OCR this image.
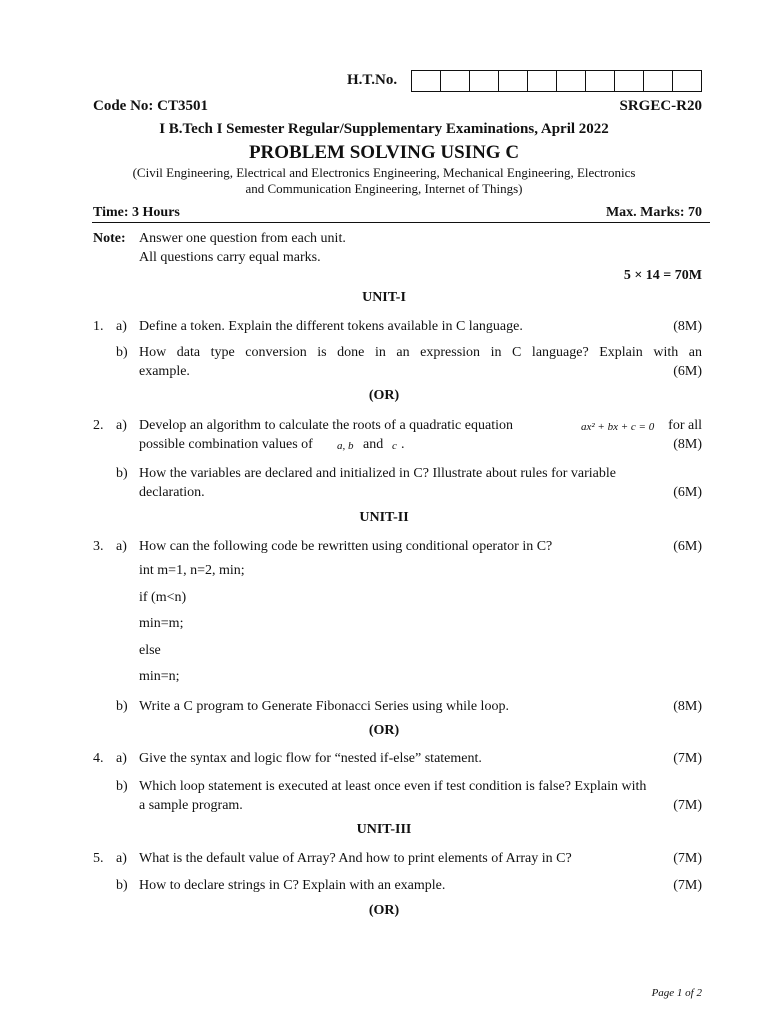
H.T.No.
Code No: CT3501	SRGEC-R20
I B.Tech I Semester Regular/Supplementary Examinations, April 2022
PROBLEM SOLVING USING C
(Civil Engineering, Electrical and Electronics Engineering, Mechanical Engineering, Electronics
and Communication Engineering, Internet of Things)
Time: 3 Hours	Max. Marks: 70
Note: Answer one question from each unit.
All questions carry equal marks.
5 × 14 = 70M
UNIT-I
1. a) Define a token. Explain the different tokens available in C language.	(8M)
b) How data type conversion is done in an expression in C language? Explain with an
example.	(6M)
(OR)
2. a) Develop an algorithm to calculate the roots of a quadratic equation	ax² + bx + c = 0 for all
possible combination values of a, b and c .	(8M)
b) How the variables are declared and initialized in C? Illustrate about rules for variable
declaration.	(6M)
UNIT-II
3. a) How can the following code be rewritten using conditional operator in C?	(6M)
int m=1, n=2, min;
if (m<n)
min=m;
else
min=n;
b) Write a C program to Generate Fibonacci Series using while loop.	(8M)
(OR)
4. a) Give the syntax and logic flow for “nested if-else” statement.	(7M)
b) Which loop statement is executed at least once even if test condition is false? Explain with
a sample program.	(7M)
UNIT-III
5. a) What is the default value of Array? And how to print elements of Array in C?	(7M)
b) How to declare strings in C? Explain with an example.	(7M)
(OR)
Page 1 of 2
